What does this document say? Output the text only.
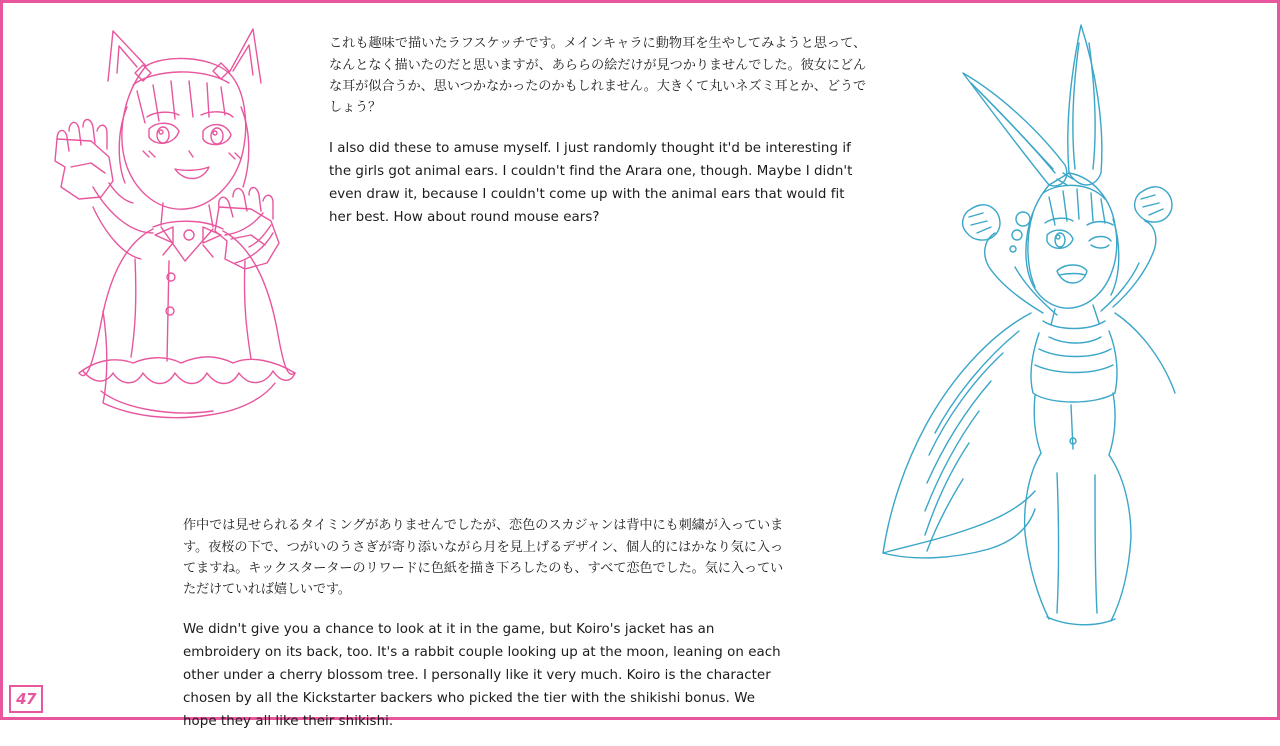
これも趣味で描いたラフスケッチです。メインキャラに動物耳を生やしてみようと思って、なんとなく描いたのだと思いますが、あららの絵だけが見つかりませんでした。彼女にどんな耳が似合うか、思いつかなかったのかもしれません。大きくて丸いネズミ耳とか、どうでしょう？

I also did these to amuse myself. I just randomly thought it'd be interesting if the girls got animal ears. I couldn't find the Arara one, though. Maybe I didn't even draw it, because I couldn't come up with the animal ears that would fit her best. How about round mouse ears?

作中では見せられるタイミングがありませんでしたが、恋色のスカジャンは背中にも刺繍が入っています。夜桜の下で、つがいのうさぎが寄り添いながら月を見上げるデザイン、個人的にはかなり気に入ってますね。キックスターターのリワードに色紙を描き下ろしたのも、すべて恋色でした。気に入っていただけていれば嬉しいです。

We didn't give you a chance to look at it in the game, but Koiro's jacket has an embroidery on its back, too. It's a rabbit couple looking up at the moon, leaning on each other under a cherry blossom tree. I personally like it very much. Koiro is the character chosen by all the Kickstarter backers who picked the tier with the shikishi bonus. We hope they all like their shikishi.

47
